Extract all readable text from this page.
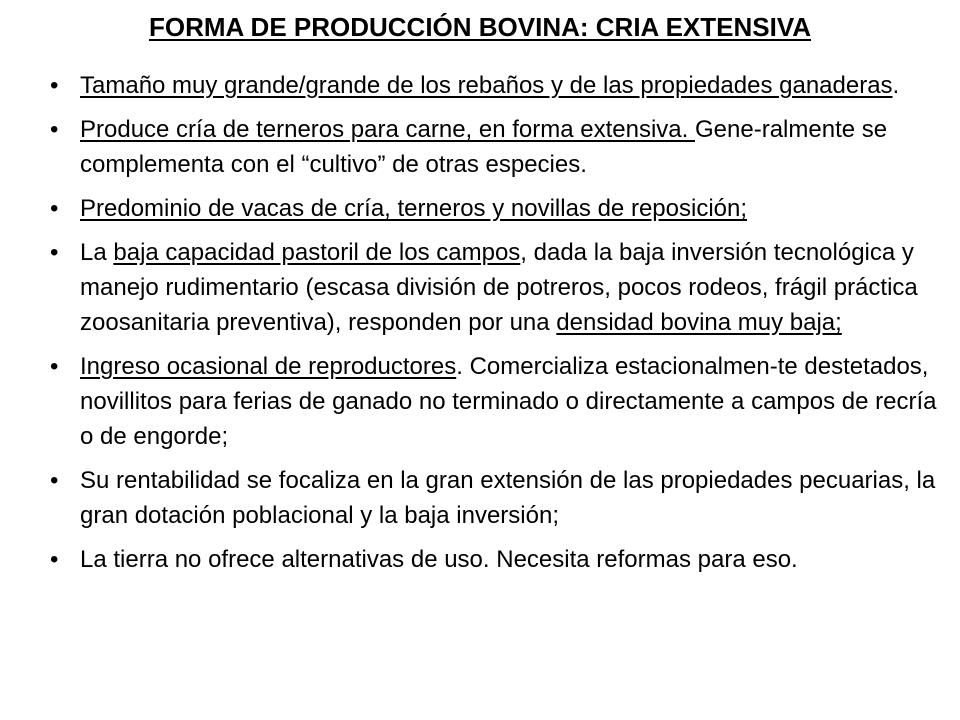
FORMA DE PRODUCCIÓN BOVINA: CRIA EXTENSIVA
• Tamaño muy grande/grande de los rebaños y de las propiedades ganaderas.
• Produce cría de terneros para carne, en forma extensiva. Gene-ralmente se complementa con el “cultivo” de otras especies.
• Predominio de vacas de cría, terneros y novillas de reposición;
• La baja capacidad pastoril de los campos, dada la baja inversión tecnológica y manejo rudimentario (escasa división de potreros, pocos rodeos, frágil práctica zoosanitaria preventiva), responden por una densidad bovina muy baja;
• Ingreso ocasional de reproductores. Comercializa estacionalmen-te destetados, novillitos para ferias de ganado no terminado o directamente a campos de recría o de engorde;
• Su rentabilidad se focaliza en la gran extensión de las propiedades pecuarias, la gran dotación poblacional y la baja inversión;
• La tierra no ofrece alternativas de uso. Necesita reformas para eso.
